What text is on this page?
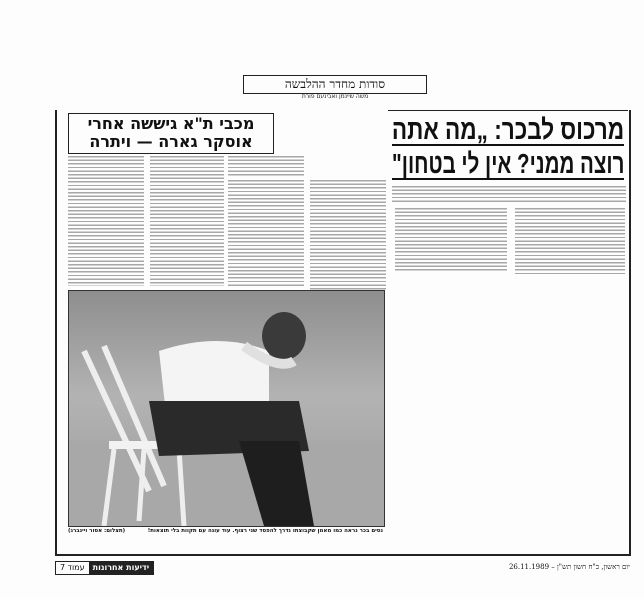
סודות מחדר ההלבשה
משה שיינמן ואבינעם פורת
מרכוס לבכר: „מה אתה
רוצה ממני? אין לי בטחון"
מכבי ת"א גיששה אחרי
אוסקר גארה — ויתרה
נסים בכר נראה כמו מאמן שקבוצתו נדרך להפסד שני רצוף. עוד עונה עם תקוות בלי תוצאות!
(תצלום: אסור ויינברג)
ידיעות אחרונות
עמוד 7	יום ראשון, כ"ח חשון תש"ן – 26.11.1989
